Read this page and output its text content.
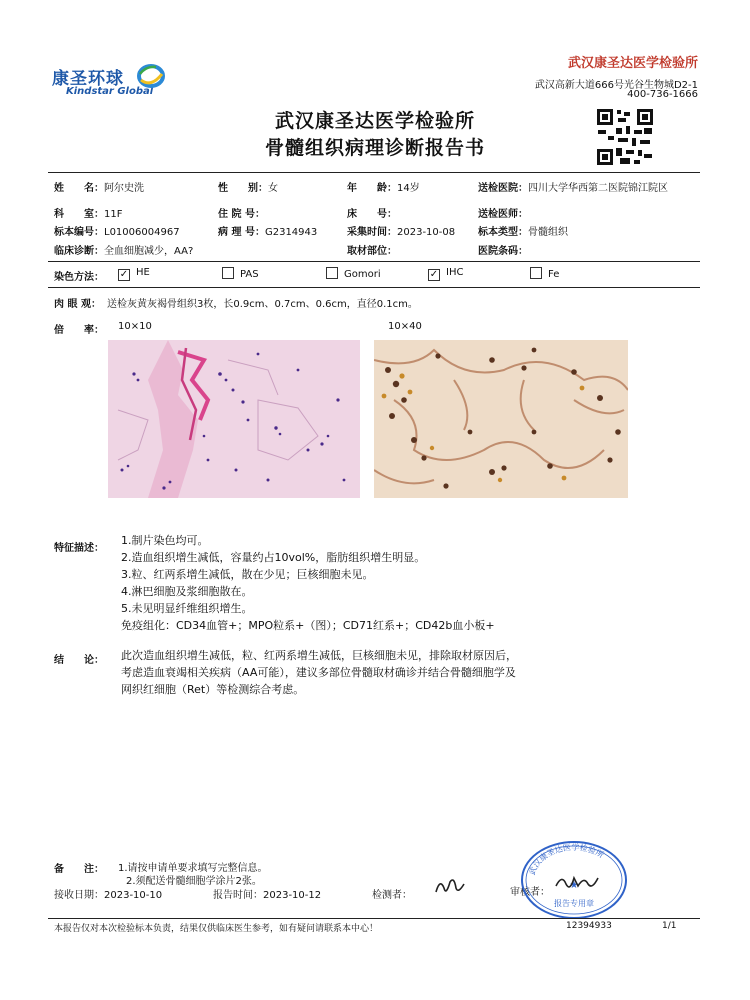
康圣环球
Kindstar Global
武汉康圣达医学检验所
武汉高新大道666号光谷生物城D2-1
400-736-1666
武汉康圣达医学检验所
骨髓组织病理诊断报告书
姓　　名：阿尔史洗	性　　别：女	年　　龄：14岁	送检医院：四川大学华西第二医院锦江院区
科　　室：11F	住 院 号：	床　　号：	送检医师：
标本编号：L01006004967	病 理 号：G2314943	采集时间：2023-10-08 标本类型：骨髓组织
临床诊断：全血细胞减少，AA?	取材部位：	医院条码：
染色方法： ✓ HE	PAS	Gomori	✓ IHC	Fe
肉 眼 观： 送检灰黄灰褐骨组织3枚，长0.9cm、0.7cm、0.6cm，直径0.1cm。
倍　　率： 10×10	10×40
特征描述：
1.制片染色均可。
2.造血组织增生减低，容量约占10vol%，脂肪组织增生明显。
3.粒、红两系增生减低，散在少见；巨核细胞未见。
4.淋巴细胞及浆细胞散在。
5.未见明显纤维组织增生。
免疫组化：CD34血管+；MPO粒系+（图）；CD71红系+；CD42b血小板+
结　　论： 此次造血组织增生减低，粒、红两系增生减低，巨核细胞未见，排除取材原因后，
考虑造血衰竭相关疾病（AA可能），建议多部位骨髓取材确诊并结合骨髓细胞学及
网织红细胞（Ret）等检测综合考虑。
备　　注： 1.请按申请单要求填写完整信息。
2.须配送骨髓细胞学涂片2张。
接收日期：2023-10-10	报告时间：2023-10-12	检测者：	审核者：
武汉康圣达医学检验所
★
报告专用章
本报告仅对本次检验标本负责，结果仅供临床医生参考，如有疑问请联系本中心！	12394933	1/1
